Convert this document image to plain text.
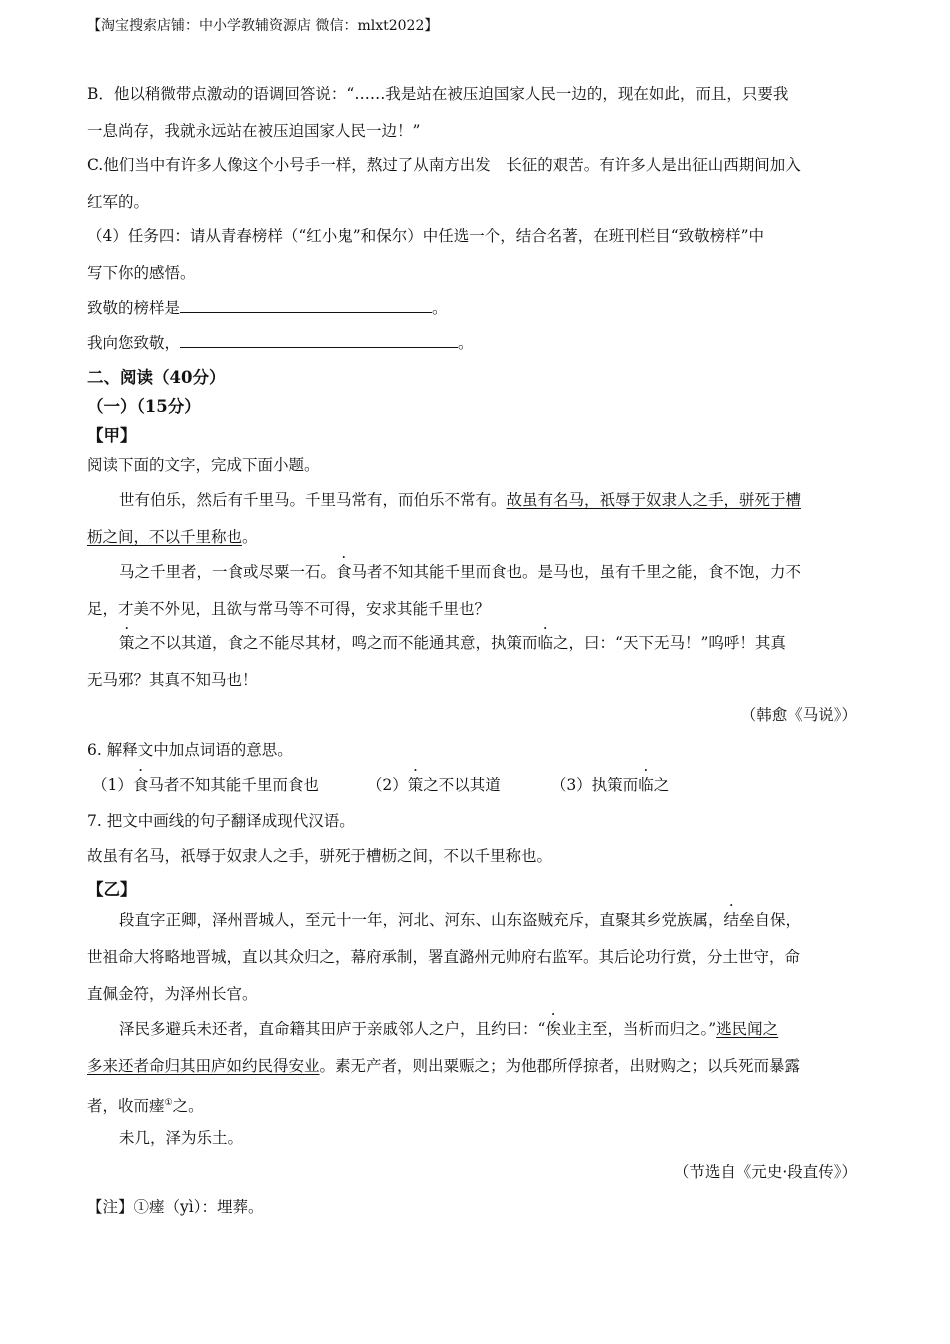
【淘宝搜索店铺：中小学教辅资源店 微信：mlxt2022】
B．他以稍微带点激动的语调回答说：“……我是站在被压迫国家人民一边的，现在如此，而且，只要我
一息尚存，我就永远站在被压迫国家人民一边！”
C.他们当中有许多人像这个小号手一样，熬过了从南方出发　长征的艰苦。有许多人是出征山西期间加入
红军的。
（4）任务四：请从青春榜样（“红小鬼”和保尔）中任选一个，结合名著，在班刊栏目“致敬榜样”中
写下你的感悟。
致敬的榜样是	。
我向您致敬，	。
二、阅读（40分）
（一）（15分）
【甲】
阅读下面的文字，完成下面小题。
世有伯乐，然后有千里马。千里马常有，而伯乐不常有。故虽有名马，祇辱于奴隶人之手，骈死于槽
枥之间，不以千里称也。
马之千里者，一食或尽粟一石。食马者不知其能千里而食也。是马也，虽有千里之能，食不饱，力不
足，才美不外见，且欲与常马等不可得，安求其能千里也？
策之不以其道，食之不能尽其材，鸣之而不能通其意，执策而临之，曰：“天下无马！”呜呼！其真
无马邪？其真不知马也！
（韩愈《马说》）
6. 解释文中加点词语的意思。
（1）食马者不知其能千里而食也	（2）策之不以其道	（3）执策而临之
7. 把文中画线的句子翻译成现代汉语。
故虽有名马，祇辱于奴隶人之手，骈死于槽枥之间，不以千里称也。
【乙】
段直字正卿，泽州晋城人，至元十一年，河北、河东、山东盗贼充斥，直聚其乡党族属，结垒自保，
世祖命大将略地晋城，直以其众归之，幕府承制，署直潞州元帅府右监军。其后论功行赏，分土世守，命
直佩金符，为泽州长官。
泽民多避兵未还者，直命籍其田庐于亲戚邻人之户，且约曰：“俟业主至，当析而归之。”逃民闻之
多来还者命归其田庐如约民得安业。素无产者，则出粟赈之；为他郡所俘掠者，出财购之；以兵死而暴露
者，收而瘗①之。
未几，泽为乐土。
（节选自《元史·段直传》）
【注】①瘗（yì）：埋葬。
